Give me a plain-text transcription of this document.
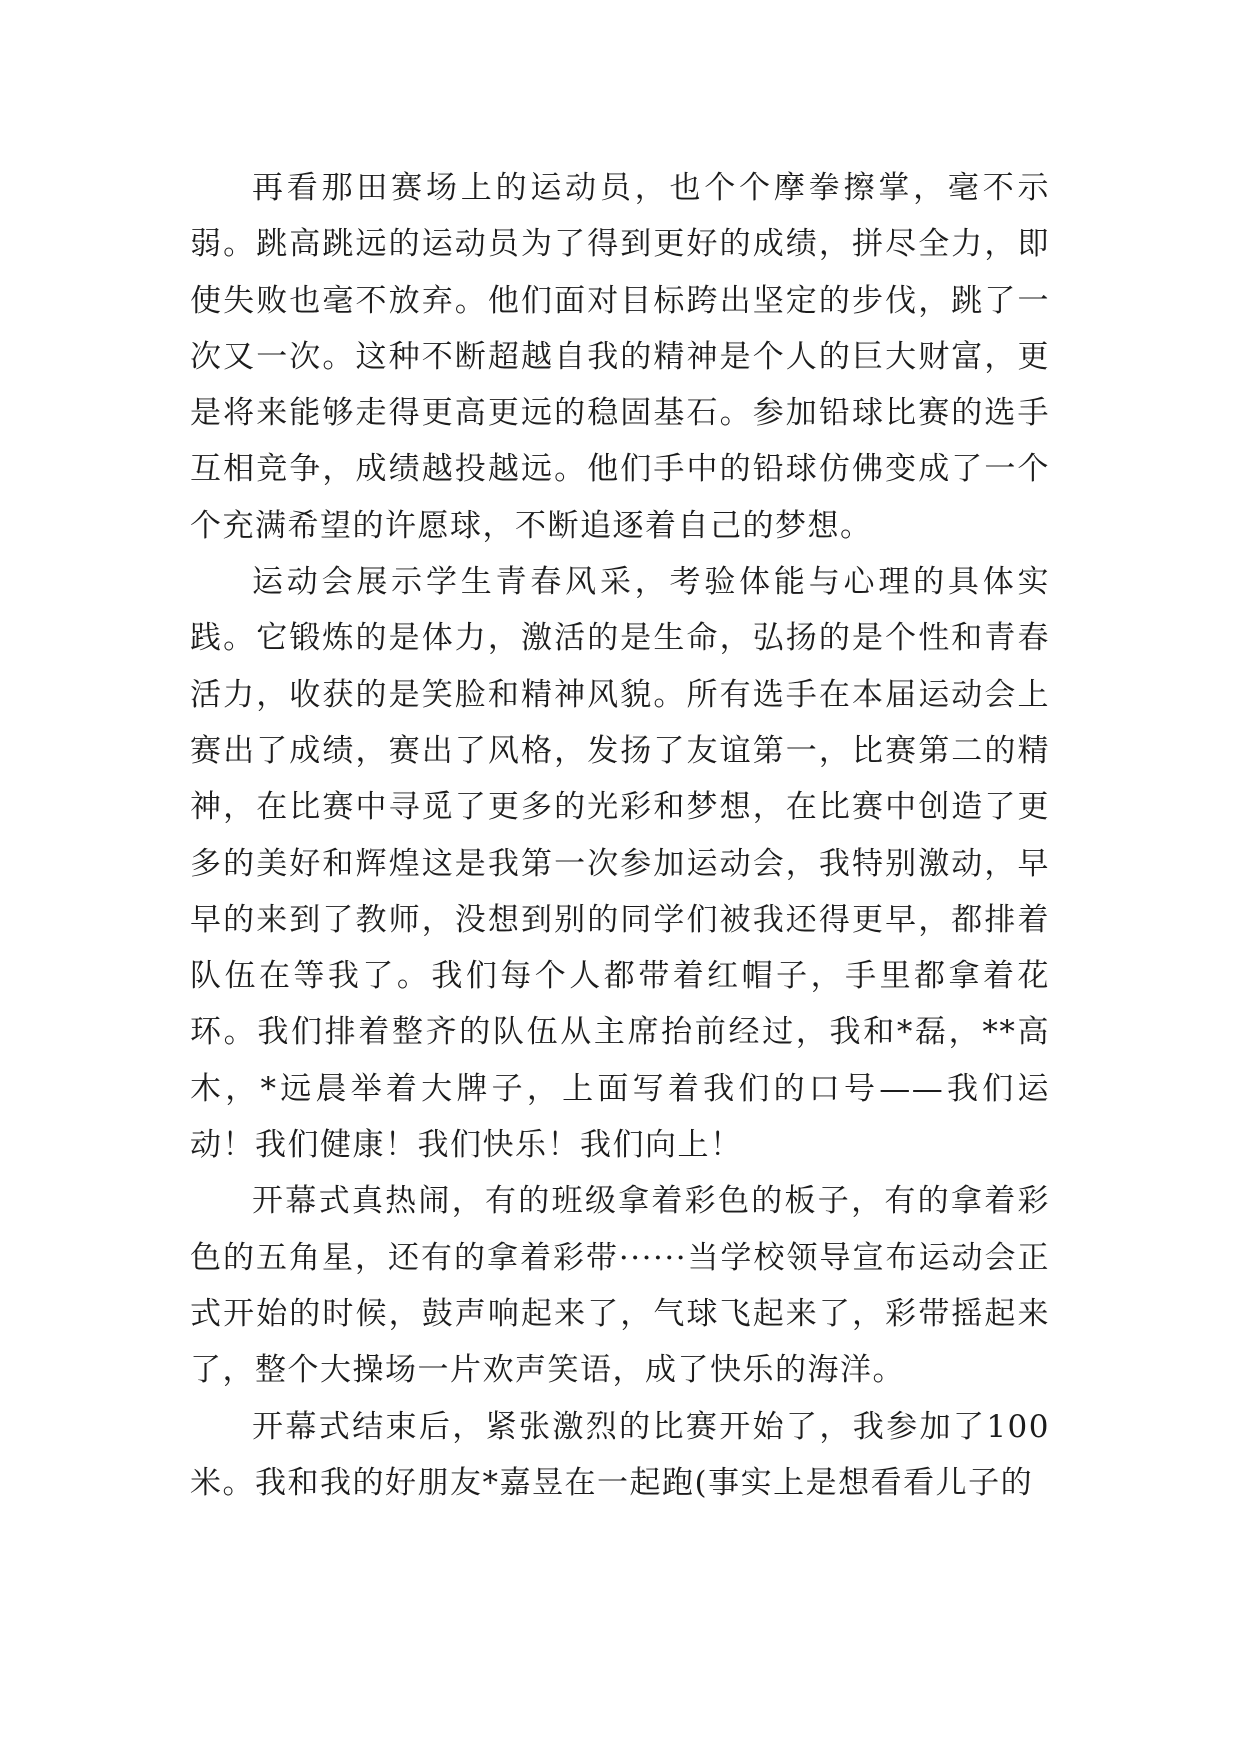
再看那田赛场上的运动员，也个个摩拳擦掌，毫不示弱。跳高跳远的运动员为了得到更好的成绩，拼尽全力，即使失败也毫不放弃。他们面对目标跨出坚定的步伐，跳了一次又一次。这种不断超越自我的精神是个人的巨大财富，更是将来能够走得更高更远的稳固基石。参加铅球比赛的选手互相竞争，成绩越投越远。他们手中的铅球仿佛变成了一个个充满希望的许愿球，不断追逐着自己的梦想。

运动会展示学生青春风采，考验体能与心理的具体实践。它锻炼的是体力，激活的是生命，弘扬的是个性和青春活力，收获的是笑脸和精神风貌。所有选手在本届运动会上赛出了成绩，赛出了风格，发扬了友谊第一，比赛第二的精神，在比赛中寻觅了更多的光彩和梦想，在比赛中创造了更多的美好和辉煌这是我第一次参加运动会，我特别激动，早早的来到了教师，没想到别的同学们被我还得更早，都排着队伍在等我了。我们每个人都带着红帽子，手里都拿着花环。我们排着整齐的队伍从主席抬前经过，我和*磊，**高木，*远晨举着大牌子，上面写着我们的口号——我们运动！我们健康！我们快乐！我们向上！

开幕式真热闹，有的班级拿着彩色的板子，有的拿着彩色的五角星，还有的拿着彩带······当学校领导宣布运动会正式开始的时候，鼓声响起来了，气球飞起来了，彩带摇起来了，整个大操场一片欢声笑语，成了快乐的海洋。

开幕式结束后，紧张激烈的比赛开始了，我参加了100米。我和我的好朋友*嘉昱在一起跑(事实上是想看看儿子的
